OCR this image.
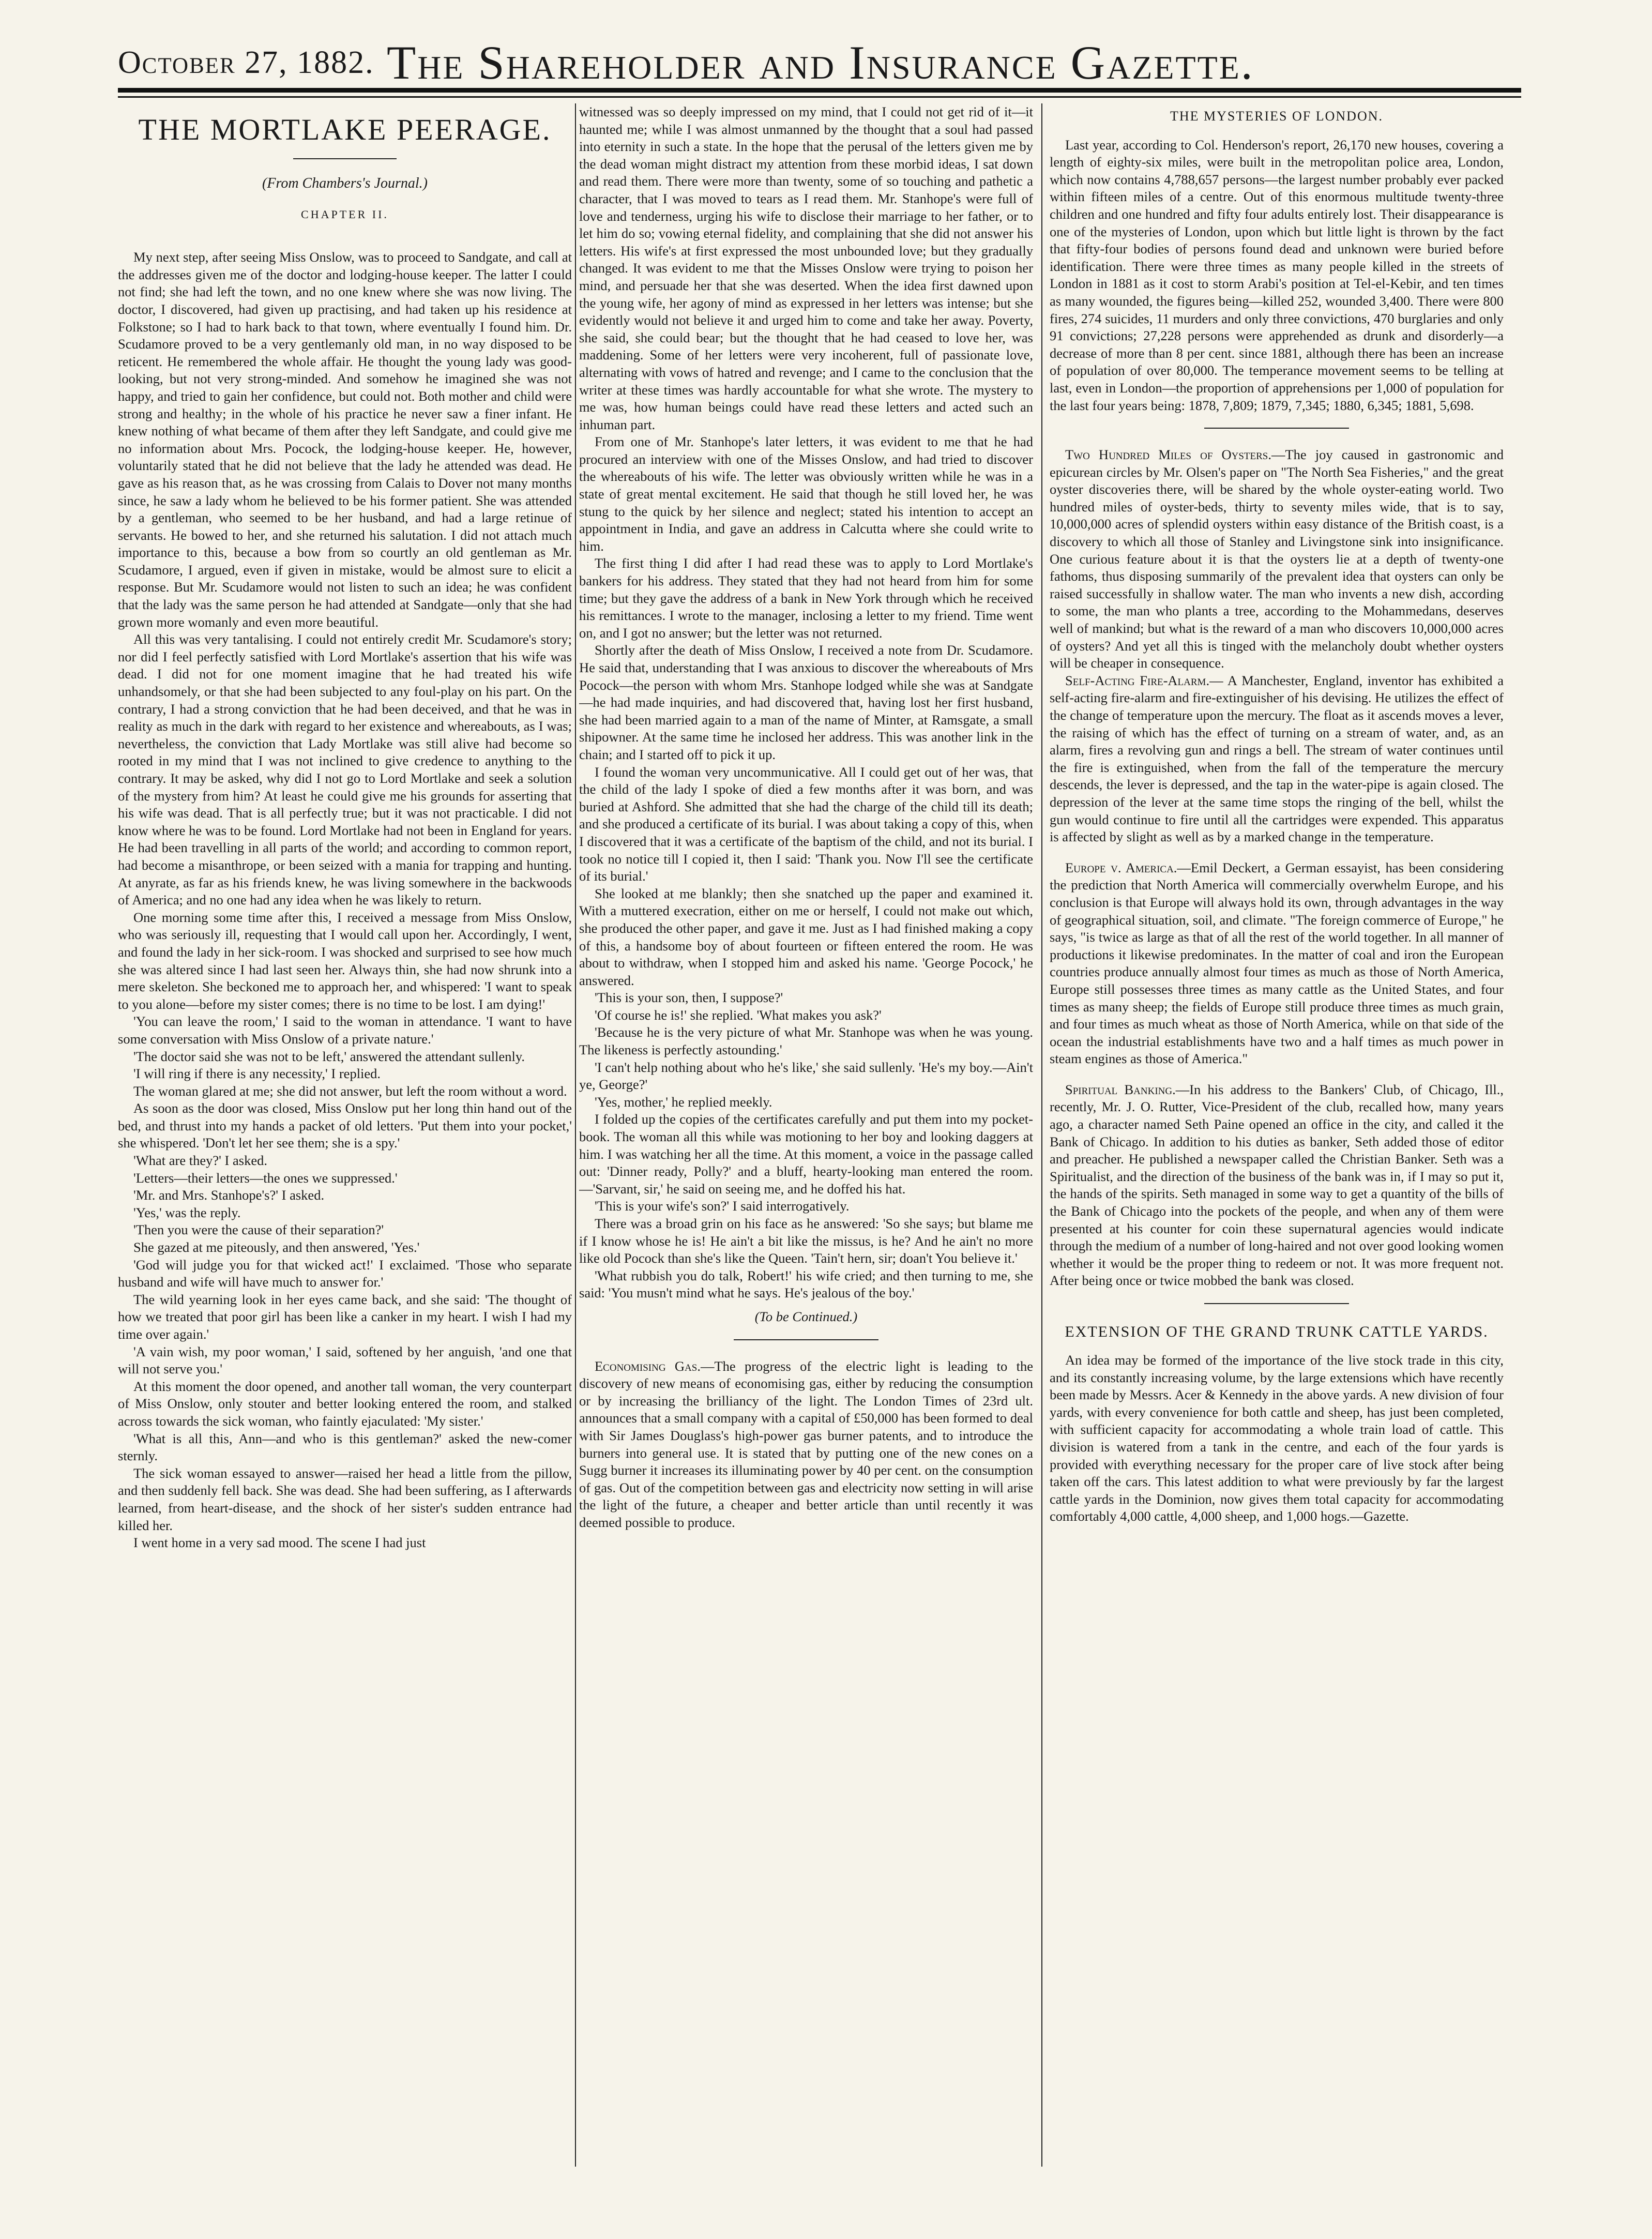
October 27, 1882. The Shareholder and Insurance Gazette.
THE MORTLAKE PEERAGE.
(From Chambers's Journal.)
CHAPTER II.

My next step, after seeing Miss Onslow, was to proceed to Sandgate, and call at the addresses given me of the doctor and lodging-house keeper. The latter I could not find; she had left the town, and no one knew where she was now living. The doctor, I discovered, had given up practising, and had taken up his residence at Folkstone; so I had to hark back to that town, where eventually I found him. Dr. Scudamore proved to be a very gentlemanly old man, in no way disposed to be reticent. He remembered the whole affair. He thought the young lady was good-looking, but not very strong-minded. And somehow he imagined she was not happy, and tried to gain her confidence, but could not. Both mother and child were strong and healthy; in the whole of his practice he never saw a finer infant. He knew nothing of what became of them after they left Sandgate, and could give me no information about Mrs. Pocock, the lodging-house keeper. He, however, voluntarily stated that he did not believe that the lady he attended was dead. He gave as his reason that, as he was crossing from Calais to Dover not many months since, he saw a lady whom he believed to be his former patient. She was attended by a gentleman, who seemed to be her husband, and had a large retinue of servants. He bowed to her, and she returned his salutation. I did not attach much importance to this, because a bow from so courtly an old gentleman as Mr. Scudamore, I argued, even if given in mistake, would be almost sure to elicit a response. But Mr. Scudamore would not listen to such an idea; he was confident that the lady was the same person he had attended at Sandgate—only that she had grown more womanly and even more beautiful.

All this was very tantalising. I could not entirely credit Mr. Scudamore's story; nor did I feel perfectly satisfied with Lord Mortlake's assertion that his wife was dead. I did not for one moment imagine that he had treated his wife unhandsomely, or that she had been subjected to any foul-play on his part. On the contrary, I had a strong conviction that he had been deceived, and that he was in reality as much in the dark with regard to her existence and whereabouts, as I was; nevertheless, the conviction that Lady Mortlake was still alive had become so rooted in my mind that I was not inclined to give credence to anything to the contrary. It may be asked, why did I not go to Lord Mortlake and seek a solution of the mystery from him? At least he could give me his grounds for asserting that his wife was dead. That is all perfectly true; but it was not practicable. I did not know where he was to be found. Lord Mortlake had not been in England for years. He had been travelling in all parts of the world; and according to common report, had become a misanthrope, or been seized with a mania for trapping and hunting. At anyrate, as far as his friends knew, he was living somewhere in the backwoods of America; and no one had any idea when he was likely to return.

One morning some time after this, I received a message from Miss Onslow, who was seriously ill, requesting that I would call upon her. Accordingly, I went, and found the lady in her sick-room. I was shocked and surprised to see how much she was altered since I had last seen her. Always thin, she had now shrunk into a mere skeleton. She beckoned me to approach her, and whispered: 'I want to speak to you alone—before my sister comes; there is no time to be lost. I am dying!'

'You can leave the room,' I said to the woman in attendance. 'I want to have some conversation with Miss Onslow of a private nature.'

'The doctor said she was not to be left,' answered the attendant sullenly.

'I will ring if there is any necessity,' I replied.

The woman glared at me; she did not answer, but left the room without a word.

As soon as the door was closed, Miss Onslow put her long thin hand out of the bed, and thrust into my hands a packet of old letters. 'Put them into your pocket,' she whispered. 'Don't let her see them; she is a spy.'

'What are they?' I asked.

'Letters—their letters—the ones we suppressed.'

'Mr. and Mrs. Stanhope's?' I asked.

'Yes,' was the reply.

'Then you were the cause of their separation?'

She gazed at me piteously, and then answered, 'Yes.'

'God will judge you for that wicked act!' I exclaimed. 'Those who separate husband and wife will have much to answer for.'

The wild yearning look in her eyes came back, and she said: 'The thought of how we treated that poor girl has been like a canker in my heart. I wish I had my time over again.'

'A vain wish, my poor woman,' I said, softened by her anguish, 'and one that will not serve you.'

At this moment the door opened, and another tall woman, the very counterpart of Miss Onslow, only stouter and better looking entered the room, and stalked across towards the sick woman, who faintly ejaculated: 'My sister.'

'What is all this, Ann—and who is this gentleman?' asked the new-comer sternly.

The sick woman essayed to answer—raised her head a little from the pillow, and then suddenly fell back. She was dead. She had been suffering, as I afterwards learned, from heart-disease, and the shock of her sister's sudden entrance had killed her.

I went home in a very sad mood. The scene I had just

witnessed was so deeply impressed on my mind, that I could not get rid of it—it haunted me; while I was almost unmanned by the thought that a soul had passed into eternity in such a state. In the hope that the perusal of the letters given me by the dead woman might distract my attention from these morbid ideas, I sat down and read them. There were more than twenty, some of so touching and pathetic a character, that I was moved to tears as I read them. Mr. Stanhope's were full of love and tenderness, urging his wife to disclose their marriage to her father, or to let him do so; vowing eternal fidelity, and complaining that she did not answer his letters. His wife's at first expressed the most unbounded love; but they gradually changed. It was evident to me that the Misses Onslow were trying to poison her mind, and persuade her that she was deserted. When the idea first dawned upon the young wife, her agony of mind as expressed in her letters was intense; but she evidently would not believe it and urged him to come and take her away. Poverty, she said, she could bear; but the thought that he had ceased to love her, was maddening. Some of her letters were very incoherent, full of passionate love, alternating with vows of hatred and revenge; and I came to the conclusion that the writer at these times was hardly accountable for what she wrote. The mystery to me was, how human beings could have read these letters and acted such an inhuman part.

From one of Mr. Stanhope's later letters, it was evident to me that he had procured an interview with one of the Misses Onslow, and had tried to discover the whereabouts of his wife. The letter was obviously written while he was in a state of great mental excitement. He said that though he still loved her, he was stung to the quick by her silence and neglect; stated his intention to accept an appointment in India, and gave an address in Calcutta where she could write to him.

The first thing I did after I had read these was to apply to Lord Mortlake's bankers for his address. They stated that they had not heard from him for some time; but they gave the address of a bank in New York through which he received his remittances. I wrote to the manager, inclosing a letter to my friend. Time went on, and I got no answer; but the letter was not returned.

Shortly after the death of Miss Onslow, I received a note from Dr. Scudamore. He said that, understanding that I was anxious to discover the whereabouts of Mrs Pocock—the person with whom Mrs. Stanhope lodged while she was at Sandgate—he had made inquiries, and had discovered that, having lost her first husband, she had been married again to a man of the name of Minter, at Ramsgate, a small shipowner. At the same time he inclosed her address. This was another link in the chain; and I started off to pick it up.

I found the woman very uncommunicative. All I could get out of her was, that the child of the lady I spoke of died a few months after it was born, and was buried at Ashford. She admitted that she had the charge of the child till its death; and she produced a certificate of its burial. I was about taking a copy of this, when I discovered that it was a certificate of the baptism of the child, and not its burial. I took no notice till I copied it, then I said: 'Thank you. Now I'll see the certificate of its burial.'

She looked at me blankly; then she snatched up the paper and examined it. With a muttered execration, either on me or herself, I could not make out which, she produced the other paper, and gave it me. Just as I had finished making a copy of this, a handsome boy of about fourteen or fifteen entered the room. He was about to withdraw, when I stopped him and asked his name. 'George Pocock,' he answered.

'This is your son, then, I suppose?'

'Of course he is!' she replied. 'What makes you ask?'

'Because he is the very picture of what Mr. Stanhope was when he was young. The likeness is perfectly astounding.'

'I can't help nothing about who he's like,' she said sullenly. 'He's my boy.—Ain't ye, George?'

'Yes, mother,' he replied meekly.

I folded up the copies of the certificates carefully and put them into my pocket-book. The woman all this while was motioning to her boy and looking daggers at him. I was watching her all the time. At this moment, a voice in the passage called out: 'Dinner ready, Polly?' and a bluff, hearty-looking man entered the room.—'Sarvant, sir,' he said on seeing me, and he doffed his hat.

'This is your wife's son?' I said interrogatively.

There was a broad grin on his face as he answered: 'So she says; but blame me if I know whose he is! He ain't a bit like the missus, is he? And he ain't no more like old Pocock than she's like the Queen. 'Tain't hern, sir; doan't You believe it.'

'What rubbish you do talk, Robert!' his wife cried; and then turning to me, she said: 'You musn't mind what he says. He's jealous of the boy.'

(To be Continued.)

Economising Gas.—The progress of the electric light is leading to the discovery of new means of economising gas, either by reducing the consumption or by increasing the brilliancy of the light. The London Times of 23rd ult. announces that a small company with a capital of £50,000 has been formed to deal with Sir James Douglass's high-power gas burner patents, and to introduce the burners into general use. It is stated that by putting one of the new cones on a Sugg burner it increases its illuminating power by 40 per cent. on the consumption of gas. Out of the competition between gas and electricity now setting in will arise the light of the future, a cheaper and better article than until recently it was deemed possible to produce.

THE MYSTERIES OF LONDON.

Last year, according to Col. Henderson's report, 26,170 new houses, covering a length of eighty-six miles, were built in the metropolitan police area, London, which now contains 4,788,657 persons—the largest number probably ever packed within fifteen miles of a centre. Out of this enormous multitude twenty-three children and one hundred and fifty four adults entirely lost. Their disappearance is one of the mysteries of London, upon which but little light is thrown by the fact that fifty-four bodies of persons found dead and unknown were buried before identification. There were three times as many people killed in the streets of London in 1881 as it cost to storm Arabi's position at Tel-el-Kebir, and ten times as many wounded, the figures being—killed 252, wounded 3,400. There were 800 fires, 274 suicides, 11 murders and only three convictions, 470 burglaries and only 91 convictions; 27,228 persons were apprehended as drunk and disorderly—a decrease of more than 8 per cent. since 1881, although there has been an increase of population of over 80,000. The temperance movement seems to be telling at last, even in London—the proportion of apprehensions per 1,000 of population for the last four years being: 1878, 7,809; 1879, 7,345; 1880, 6,345; 1881, 5,698.

Two Hundred Miles of Oysters.—The joy caused in gastronomic and epicurean circles by Mr. Olsen's paper on "The North Sea Fisheries," and the great oyster discoveries there, will be shared by the whole oyster-eating world. Two hundred miles of oyster-beds, thirty to seventy miles wide, that is to say, 10,000,000 acres of splendid oysters within easy distance of the British coast, is a discovery to which all those of Stanley and Livingstone sink into insignificance. One curious feature about it is that the oysters lie at a depth of twenty-one fathoms, thus disposing summarily of the prevalent idea that oysters can only be raised successfully in shallow water. The man who invents a new dish, according to some, the man who plants a tree, according to the Mohammedans, deserves well of mankind; but what is the reward of a man who discovers 10,000,000 acres of oysters? And yet all this is tinged with the melancholy doubt whether oysters will be cheaper in consequence.

Self-Acting Fire-Alarm.— A Manchester, England, inventor has exhibited a self-acting fire-alarm and fire-extinguisher of his devising. He utilizes the effect of the change of temperature upon the mercury. The float as it ascends moves a lever, the raising of which has the effect of turning on a stream of water, and, as an alarm, fires a revolving gun and rings a bell. The stream of water continues until the fire is extinguished, when from the fall of the temperature the mercury descends, the lever is depressed, and the tap in the water-pipe is again closed. The depression of the lever at the same time stops the ringing of the bell, whilst the gun would continue to fire until all the cartridges were expended. This apparatus is affected by slight as well as by a marked change in the temperature.

Europe v. America.—Emil Deckert, a German essayist, has been considering the prediction that North America will commercially overwhelm Europe, and his conclusion is that Europe will always hold its own, through advantages in the way of geographical situation, soil, and climate. "The foreign commerce of Europe," he says, "is twice as large as that of all the rest of the world together. In all manner of productions it likewise predominates. In the matter of coal and iron the European countries produce annually almost four times as much as those of North America, Europe still possesses three times as many cattle as the United States, and four times as many sheep; the fields of Europe still produce three times as much grain, and four times as much wheat as those of North America, while on that side of the ocean the industrial establishments have two and a half times as much power in steam engines as those of America."

Spiritual Banking.—In his address to the Bankers' Club, of Chicago, Ill., recently, Mr. J. O. Rutter, Vice-President of the club, recalled how, many years ago, a character named Seth Paine opened an office in the city, and called it the Bank of Chicago. In addition to his duties as banker, Seth added those of editor and preacher. He published a newspaper called the Christian Banker. Seth was a Spiritualist, and the direction of the business of the bank was in, if I may so put it, the hands of the spirits. Seth managed in some way to get a quantity of the bills of the Bank of Chicago into the pockets of the people, and when any of them were presented at his counter for coin these supernatural agencies would indicate through the medium of a number of long-haired and not over good looking women whether it would be the proper thing to redeem or not. It was more frequent not. After being once or twice mobbed the bank was closed.

EXTENSION OF THE GRAND TRUNK CATTLE YARDS.

An idea may be formed of the importance of the live stock trade in this city, and its constantly increasing volume, by the large extensions which have recently been made by Messrs. Acer & Kennedy in the above yards. A new division of four yards, with every convenience for both cattle and sheep, has just been completed, with sufficient capacity for accommodating a whole train load of cattle. This division is watered from a tank in the centre, and each of the four yards is provided with everything necessary for the proper care of live stock after being taken off the cars. This latest addition to what were previously by far the largest cattle yards in the Dominion, now gives them total capacity for accommodating comfortably 4,000 cattle, 4,000 sheep, and 1,000 hogs.—Gazette.
